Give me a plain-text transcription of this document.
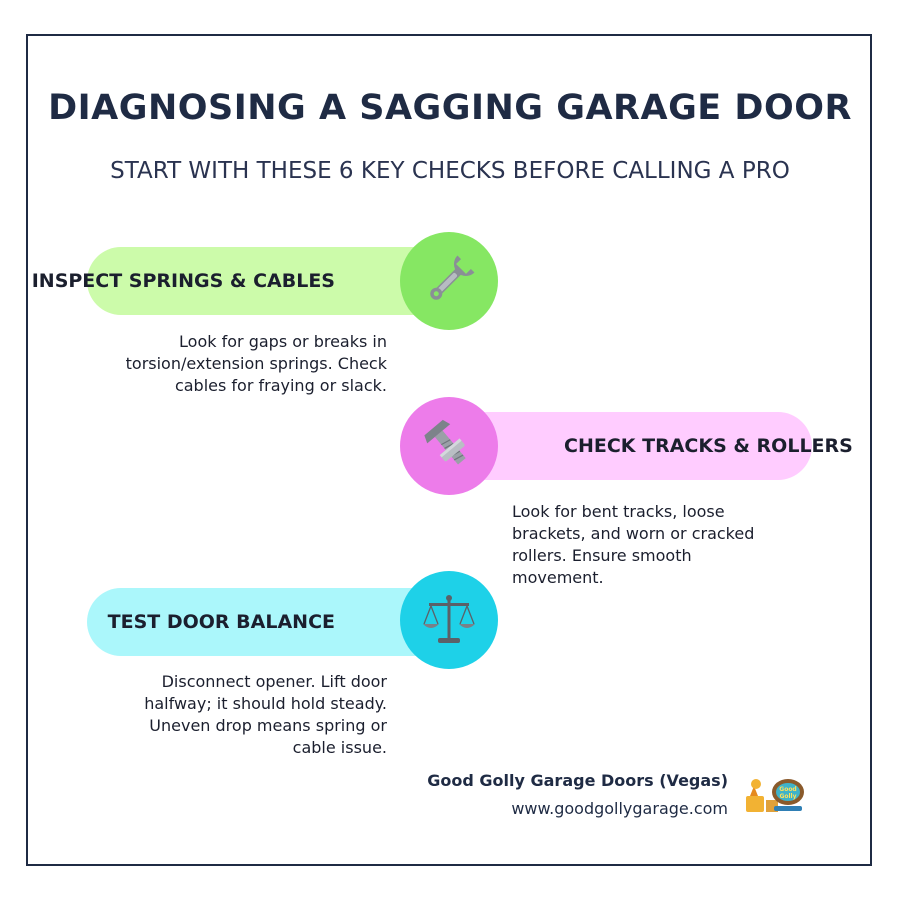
DIAGNOSING A SAGGING GARAGE DOOR
START WITH THESE 6 KEY CHECKS BEFORE CALLING A PRO
INSPECT SPRINGS & CABLES
Look for gaps or breaks in
torsion/extension springs. Check
cables for fraying or slack.
CHECK TRACKS & ROLLERS
Look for bent tracks, loose
brackets, and worn or cracked
rollers. Ensure smooth
movement.
TEST DOOR BALANCE
Disconnect opener. Lift door
halfway; it should hold steady.
Uneven drop means spring or
cable issue.
Good Golly Garage Doors (Vegas)
www.goodgollygarage.com
Good
Golly
